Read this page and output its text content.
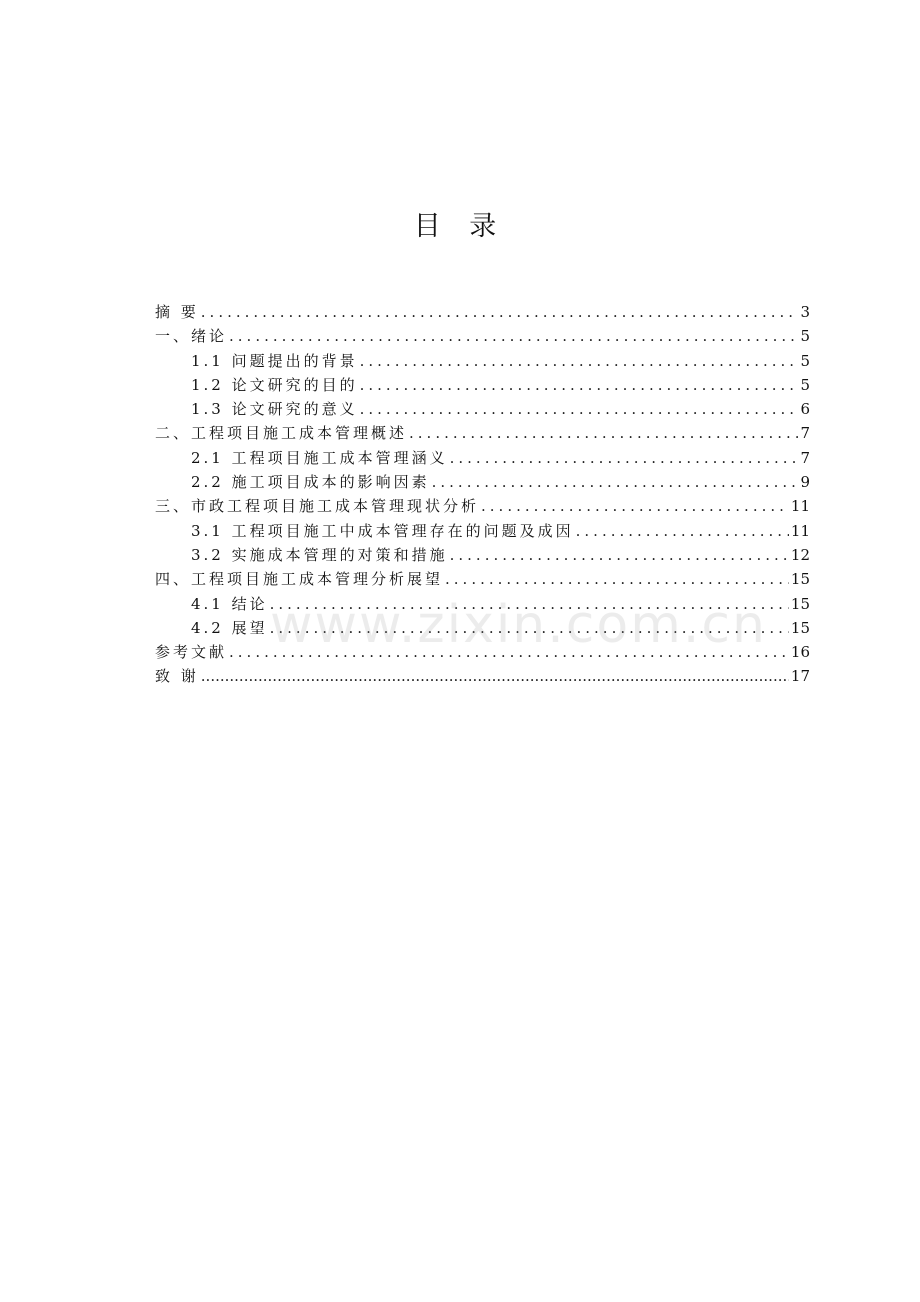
目 录
摘 要 .....	3
一、绪论 .....	5
1.1 问题提出的背景 .....	5
1.2 论文研究的目的 .....	5
1.3 论文研究的意义 .....	6
二、工程项目施工成本管理概述 .....	7
2.1 工程项目施工成本管理涵义 .....	7
2.2 施工项目成本的影响因素 .....	9
三、市政工程项目施工成本管理现状分析 .....	11
3.1 工程项目施工中成本管理存在的问题及成因 .....	11
3.2 实施成本管理的对策和措施 .....	12
四、工程项目施工成本管理分析展望 .....	15
4.1 结论 .....	15
4.2 展望 .....	15
参考文献 .....	16
致 谢 .....	17
www.zixin.com.cn
